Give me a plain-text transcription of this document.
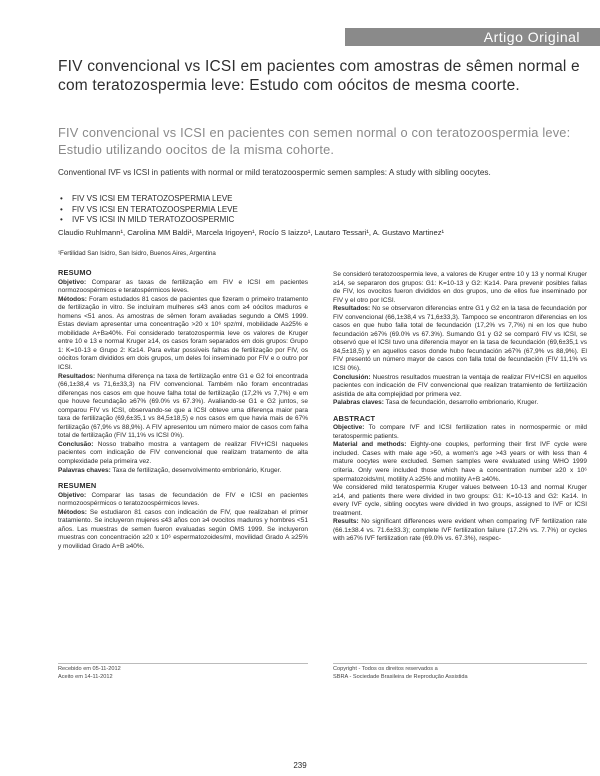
Artigo Original
FIV convencional vs ICSI em pacientes com amostras de sêmen normal e com teratozospermia leve: Estudo com oócitos de mesma coorte.
FIV convencional vs ICSI en pacientes con semen normal o con teratozoospermia leve: Estudio utilizando oocitos de la misma cohorte.
Conventional IVF vs ICSI in patients with normal or mild teratozoospermic semen samples: A study with sibling oocytes.
• FIV VS ICSI EM TERATOZOSPERMIA LEVE
• FIV VS ICSI EN TERATOZOOSPERMIA LEVE
• IVF VS ICSI IN MILD TERATOZOOSPERMIC
Claudio Ruhlmann¹, Carolina MM Baldi¹, Marcela Irigoyen¹, Rocío S Iaizzo¹, Lautaro Tessari¹, A. Gustavo Martinez¹
¹Fertilidad San Isidro, San Isidro, Buenos Aires, Argentina
RESUMO

Objetivo: Comparar as taxas de fertilização em FIV e ICSI em pacientes normozoospérmicos e teratospérmicos leves.

Métodos: Foram estudados 81 casos de pacientes que fizeram o primeiro tratamento de fertilização in vitro. Se incluíram mulheres ≤43 anos com ≥4 oócitos maduros e homens <51 anos. As amostras de sêmen foram avaliadas segundo a OMS 1999. Estas deviam apresentar uma concentração >20 x 10⁶ spz/ml, mobilidade A≥25% e mobilidade A+B≥40%. Foi considerado teratozospermia leve os valores de Kruger entre 10 e 13 e normal Kruger ≥14, os casos foram separados em dois grupos: Grupo 1: K=10-13 e Grupo 2: K≥14. Para evitar possíveis falhas de fertilização por FIV, os oócitos foram divididos em dois grupos, um deles foi inseminado por FIV e o outro por ICSI.

Resultados: Nenhuma diferença na taxa de fertilização entre G1 e G2 foi encontrada (66,1±38,4 vs 71,6±33,3) na FIV convencional. Também não foram encontradas diferenças nos casos em que houve falha total de fertilização (17,2% vs 7,7%) e em que houve fecundação ≥67% (69.0% vs 67.3%). Avaliando-se G1 e G2 juntos, se comparou FIV vs ICSI, observando-se que a ICSI obteve uma diferença maior para taxa de fertilização (69,6±35,1 vs 84,5±18,5) e nos casos em que havia mais de 67% fertilização (67,9% vs 88,9%). A FIV apresentou um número maior de casos com falha total de fertilização (FIV 11,1% vs ICSI 0%).

Conclusão: Nosso trabalho mostra a vantagem de realizar FIV+ICSI naqueles pacientes com indicação de FIV convencional que realizam tratamento de alta complexidade pela primeira vez.

Palavras chaves: Taxa de fertilização, desenvolvimento embrionário, Kruger.

RESUMEN

Objetivo: Comparar las tasas de fecundación de FIV e ICSI en pacientes normozoospérmicos o teratozoospérmicos leves.

Métodos: Se estudiaron 81 casos con indicación de FIV, que realizaban el primer tratamiento. Se incluyeron mujeres ≤43 años con ≥4 ovocitos maduros y hombres <51 años. Las muestras de semen fueron evaluadas según OMS 1999. Se incluyeron muestras con concentración ≥20 x 10⁶ espermatozoides/ml, movilidad Grado A ≥25% y movilidad Grado A+B ≥40%.

Se consideró teratozoospermia leve, a valores de Kruger entre 10 y 13 y normal Kruger ≥14, se separaron dos grupos: G1: K=10-13 y G2: K≥14. Para prevenir posibles fallas de FIV, los ovocitos fueron divididos en dos grupos, uno de ellos fue inseminado por FIV y el otro por ICSI.

Resultados: No se observaron diferencias entre G1 y G2 en la tasa de fecundación por FIV convencional (66,1±38,4 vs 71,6±33,3). Tampoco se encontraron diferencias en los casos en que hubo falla total de fecundación (17,2% vs 7,7%) ni en los que hubo fecundación ≥67% (69.0% vs 67.3%). Sumando G1 y G2 se comparó FIV vs ICSI, se observó que el ICSI tuvo una diferencia mayor en la tasa de fecundación (69,6±35,1 vs 84,5±18,5) y en aquellos casos donde hubo fecundación ≥67% (67,9% vs 88,9%). El FIV presentó un número mayor de casos con falla total de fecundación (FIV 11,1% vs ICSI 0%).

Conclusión: Nuestros resultados muestran la ventaja de realizar FIV+ICSI en aquellos pacientes con indicación de FIV convencional que realizan tratamiento de fertilización asistida de alta complejidad por primera vez.

Palabras claves: Tasa de fecundación, desarrollo embrionario, Kruger.

ABSTRACT

Objective: To compare IVF and ICSI fertilization rates in normospermic or mild teratospermic patients.

Material and methods: Eighty-one couples, performing their first IVF cycle were included. Cases with male age >50, a women's age >43 years or with less than 4 mature oocytes were excluded. Semen samples were evaluated using WHO 1999 criteria. Only were included those which have a concentration number ≥20 x 10⁶ spermatozoids/ml, motility A ≥25% and motility A+B ≥40%.

We considered mild teratospermia Kruger values between 10-13 and normal Kruger ≥14, and patients there were divided in two groups: G1: K=10-13 and G2: K≥14. In every IVF cycle, sibling oocytes were divided in two groups, assigned to IVF or ICSI treatment.

Results: No significant differences were evident when comparing IVF fertilization rate (66.1±38.4 vs. 71.6±33.3); complete IVF fertilization failure (17.2% vs. 7.7%) or cycles with ≥67% IVF fertilization rate (69.0% vs. 67.3%), respec-

Recebido em 05-11-2012
Aceito em 14-11-2012
Copyright - Todos os direitos reservados a
SBRA - Sociedade Brasileira de Reprodução Assistida
239
